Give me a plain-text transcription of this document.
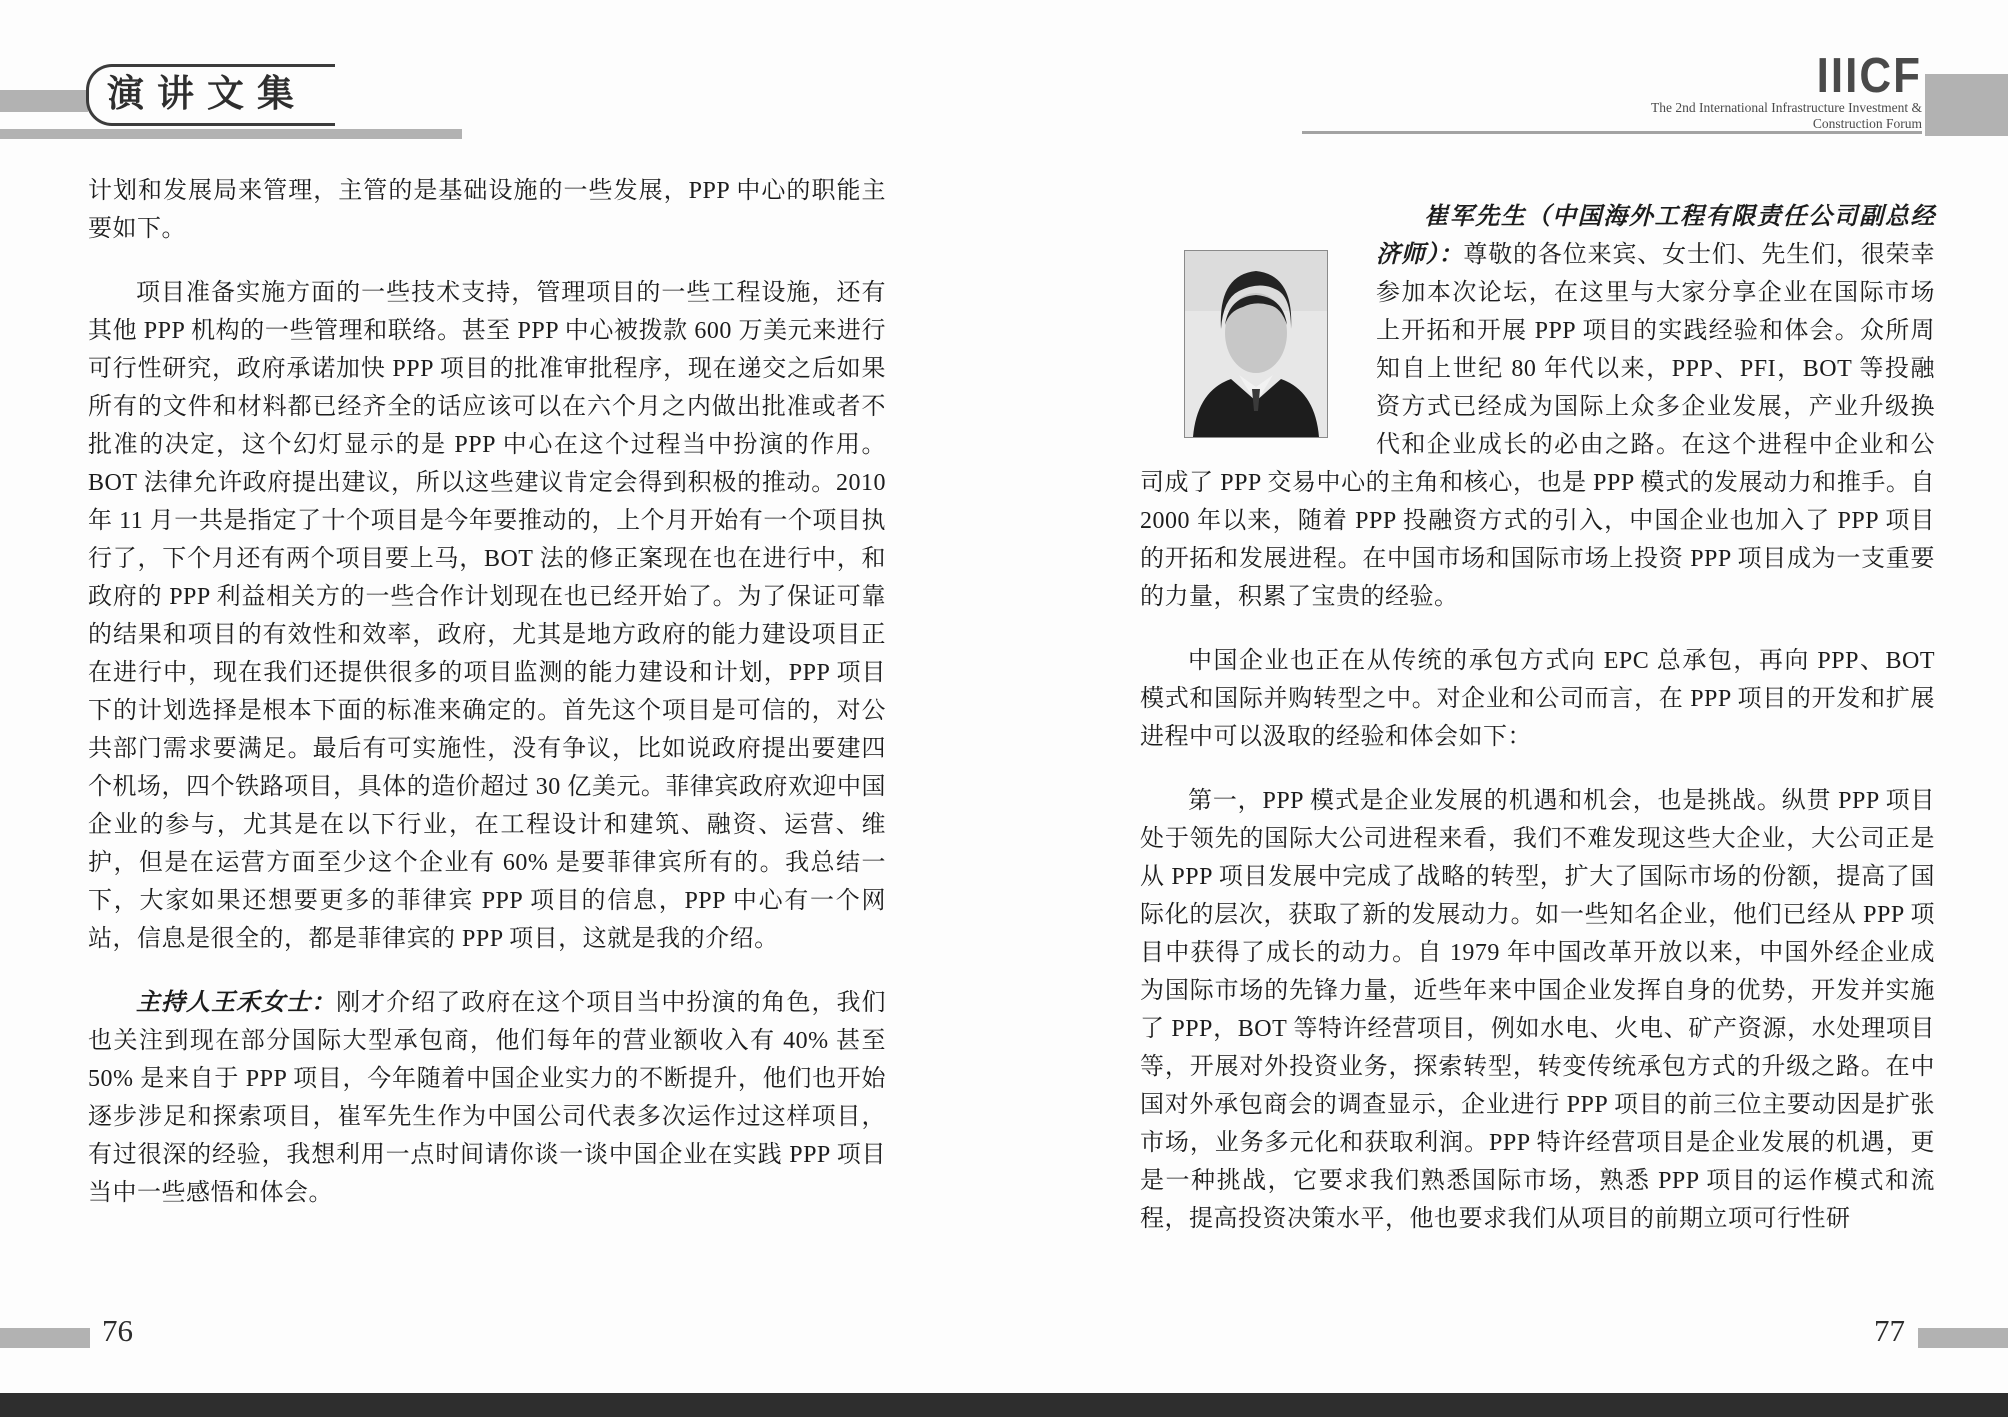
演讲文集	IIICF
The 2nd International Infrastructure Investment &
Construction Forum

计划和发展局来管理，主管的是基础设施的一些发展，PPP 中心的职能主要如下。

项目准备实施方面的一些技术支持，管理项目的一些工程设施，还有其他 PPP 机构的一些管理和联络。甚至 PPP 中心被拨款 600 万美元来进行可行性研究，政府承诺加快 PPP 项目的批准审批程序，现在递交之后如果所有的文件和材料都已经齐全的话应该可以在六个月之内做出批准或者不批准的决定，这个幻灯显示的是 PPP 中心在这个过程当中扮演的作用。BOT 法律允许政府提出建议，所以这些建议肯定会得到积极的推动。2010 年 11 月一共是指定了十个项目是今年要推动的，上个月开始有一个项目执行了，下个月还有两个项目要上马，BOT 法的修正案现在也在进行中，和政府的 PPP 利益相关方的一些合作计划现在也已经开始了。为了保证可靠的结果和项目的有效性和效率，政府，尤其是地方政府的能力建设项目正在进行中，现在我们还提供很多的项目监测的能力建设和计划，PPP 项目下的计划选择是根本下面的标准来确定的。首先这个项目是可信的，对公共部门需求要满足。最后有可实施性，没有争议，比如说政府提出要建四个机场，四个铁路项目，具体的造价超过 30 亿美元。菲律宾政府欢迎中国企业的参与，尤其是在以下行业，在工程设计和建筑、融资、运营、维护，但是在运营方面至少这个企业有 60% 是要菲律宾所有的。我总结一下，大家如果还想要更多的菲律宾 PPP 项目的信息，PPP 中心有一个网站，信息是很全的，都是菲律宾的 PPP 项目，这就是我的介绍。

主持人王禾女士：刚才介绍了政府在这个项目当中扮演的角色，我们也关注到现在部分国际大型承包商，他们每年的营业额收入有 40% 甚至 50% 是来自于 PPP 项目，今年随着中国企业实力的不断提升，他们也开始逐步涉足和探索项目，崔军先生作为中国公司代表多次运作过这样项目，有过很深的经验，我想利用一点时间请你谈一谈中国企业在实践 PPP 项目当中一些感悟和体会。

崔军先生（中国海外工程有限责任公司副总经济师）：尊敬的各位来宾、女士们、先生们，很荣幸参加本次论坛，在这里与大家分享企业在国际市场上开拓和开展 PPP 项目的实践经验和体会。众所周知自上世纪 80 年代以来，PPP、PFI，BOT 等投融资方式已经成为国际上众多企业发展，产业升级换代和企业成长的必由之路。在这个进程中企业和公司成了 PPP 交易中心的主角和核心，也是 PPP 模式的发展动力和推手。自 2000 年以来，随着 PPP 投融资方式的引入，中国企业也加入了 PPP 项目的开拓和发展进程。在中国市场和国际市场上投资 PPP 项目成为一支重要的力量，积累了宝贵的经验。

中国企业也正在从传统的承包方式向 EPC 总承包，再向 PPP、BOT 模式和国际并购转型之中。对企业和公司而言，在 PPP 项目的开发和扩展进程中可以汲取的经验和体会如下：

第一，PPP 模式是企业发展的机遇和机会，也是挑战。纵贯 PPP 项目处于领先的国际大公司进程来看，我们不难发现这些大企业，大公司正是从 PPP 项目发展中完成了战略的转型，扩大了国际市场的份额，提高了国际化的层次，获取了新的发展动力。如一些知名企业，他们已经从 PPP 项目中获得了成长的动力。自 1979 年中国改革开放以来，中国外经企业成为国际市场的先锋力量，近些年来中国企业发挥自身的优势，开发并实施了 PPP，BOT 等特许经营项目，例如水电、火电、矿产资源，水处理项目等，开展对外投资业务，探索转型，转变传统承包方式的升级之路。在中国对外承包商会的调查显示，企业进行 PPP 项目的前三位主要动因是扩张市场，业务多元化和获取利润。PPP 特许经营项目是企业发展的机遇，更是一种挑战，它要求我们熟悉国际市场，熟悉 PPP 项目的运作模式和流程，提高投资决策水平，他也要求我们从项目的前期立项可行性研

76	77
